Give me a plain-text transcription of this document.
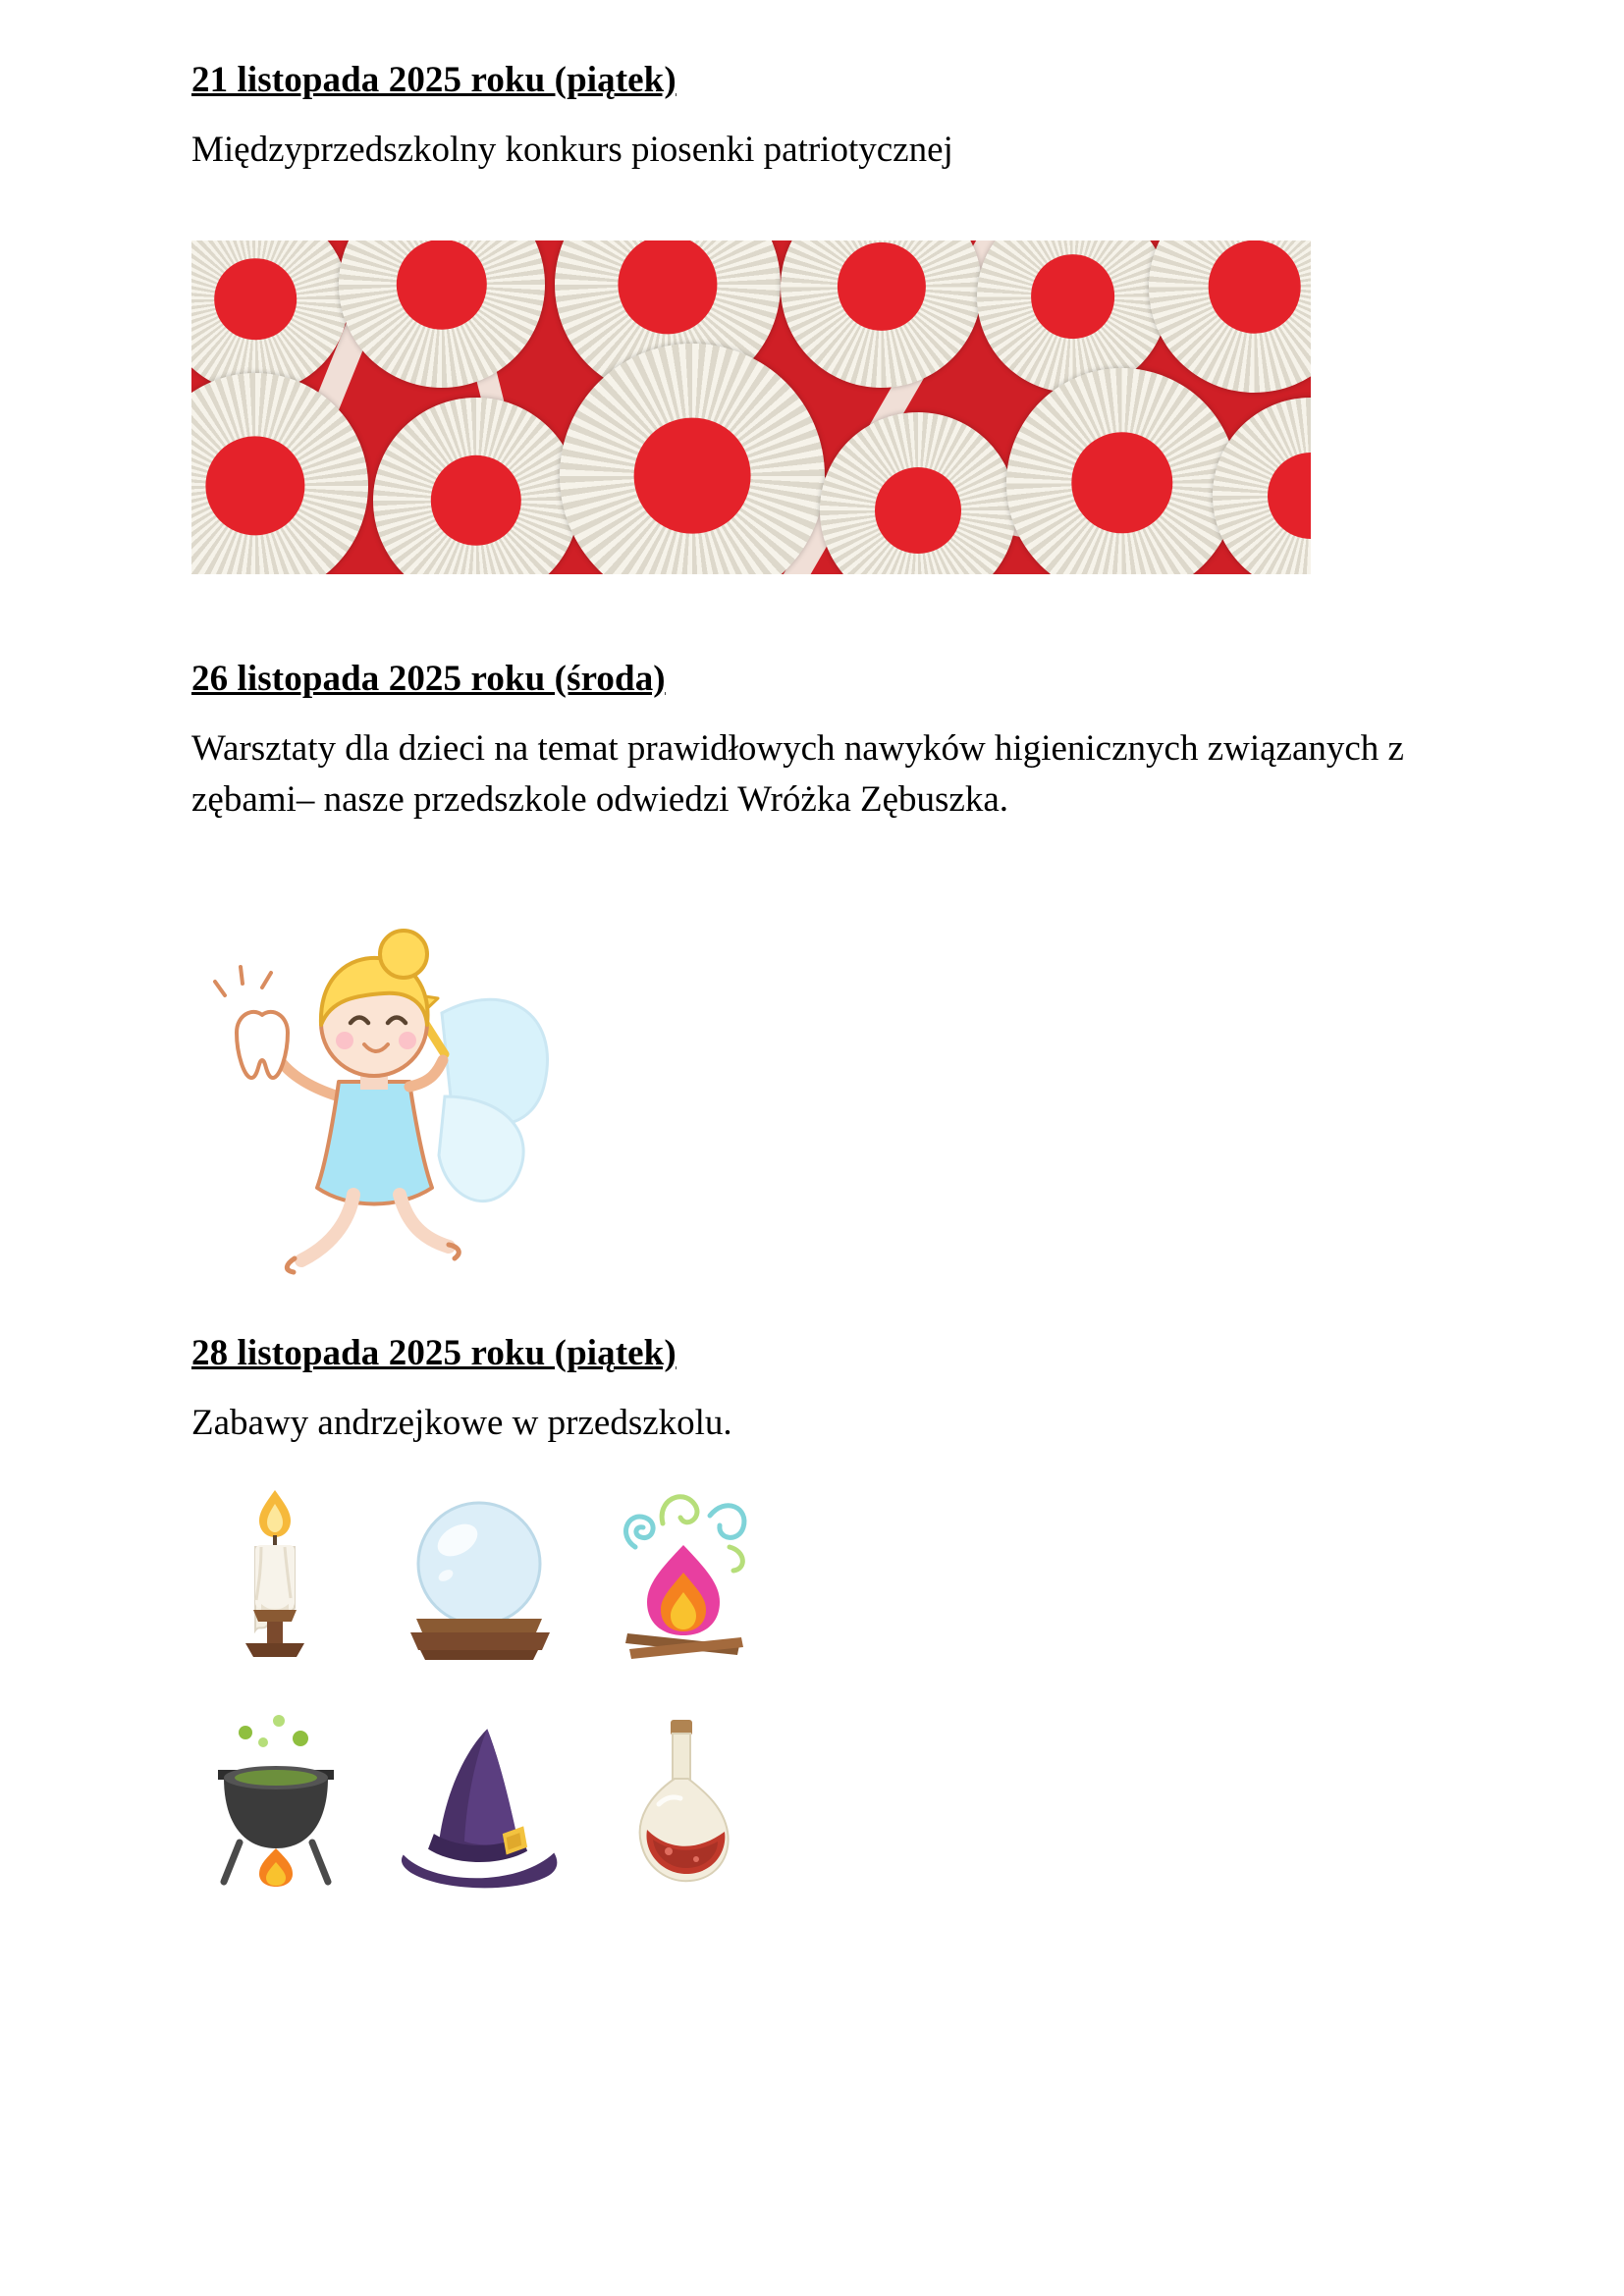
21 listopada 2025 roku (piątek)

Międzyprzedszkolny konkurs piosenki patriotycznej

26 listopada 2025 roku (środa)

Warsztaty dla dzieci na temat prawidłowych nawyków higienicznych związanych z zębami– nasze przedszkole odwiedzi Wróżka Zębuszka.

28 listopada 2025 roku (piątek)

Zabawy andrzejkowe w przedszkolu.
